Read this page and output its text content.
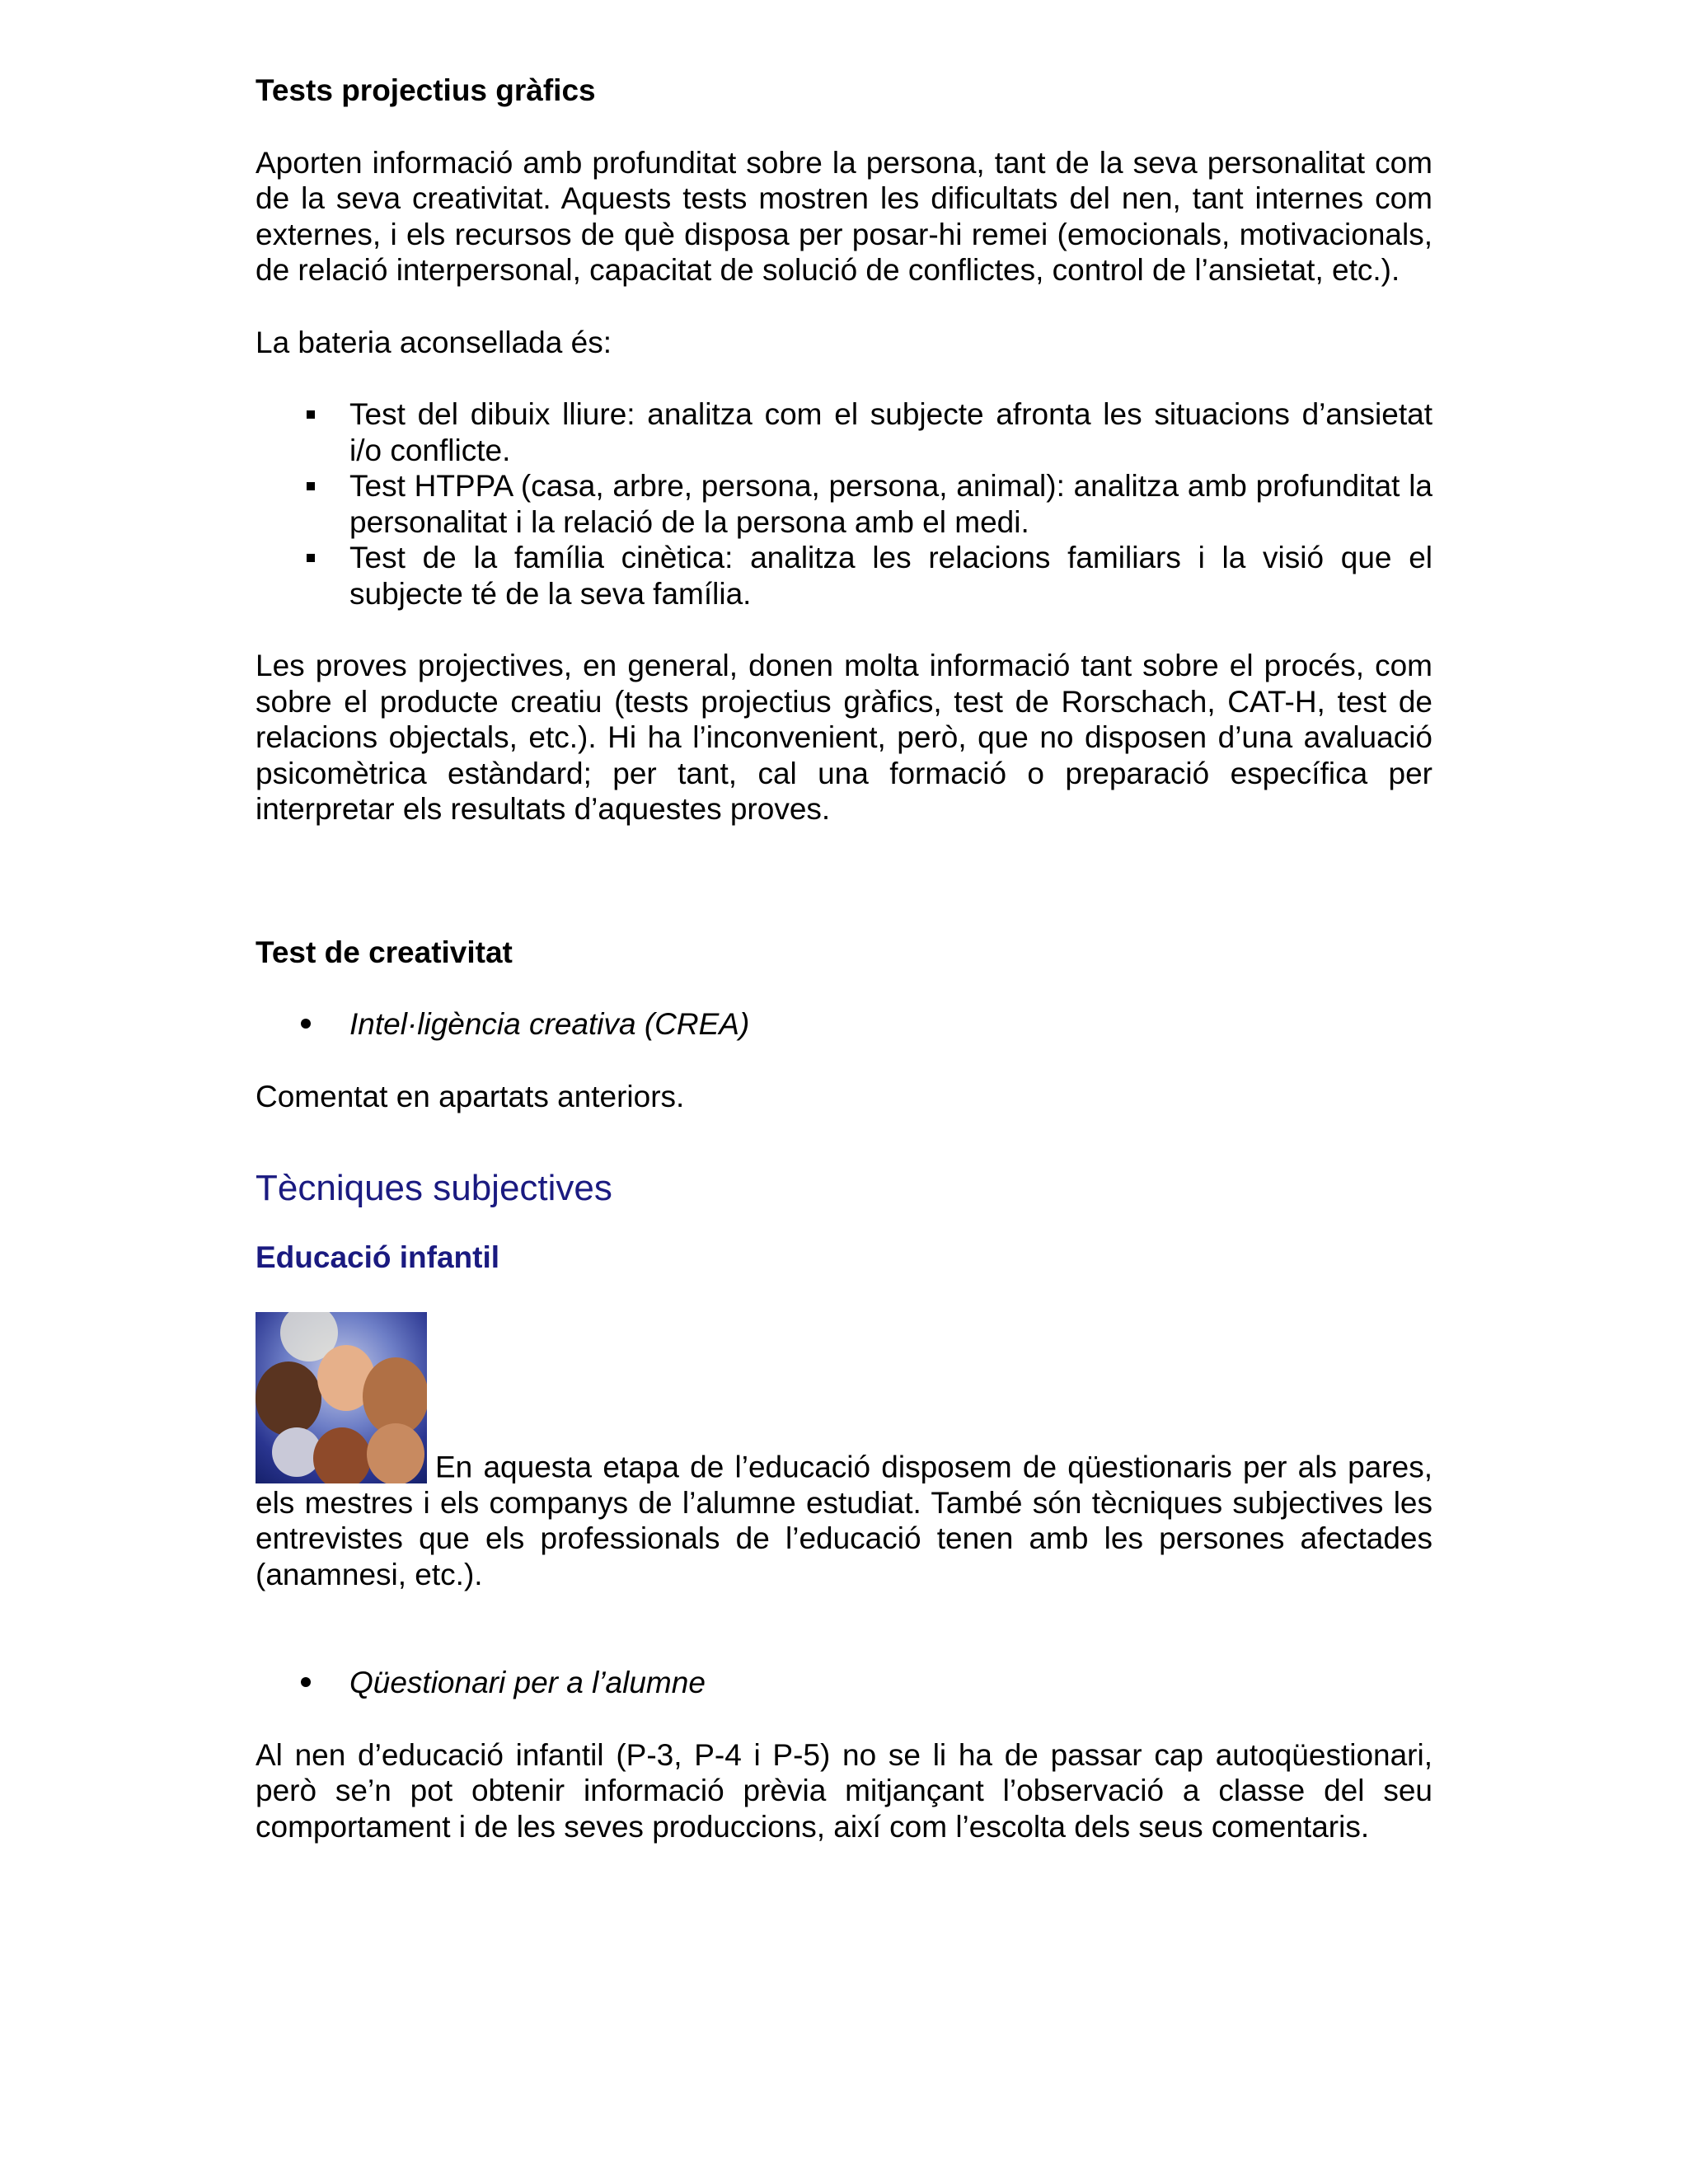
Tests projectius gràfics

Aporten informació amb profunditat sobre la persona, tant de la seva personalitat com de la seva creativitat. Aquests tests mostren les dificultats del nen, tant internes com externes, i els recursos de què disposa per posar-hi remei (emocionals, motivacionals, de relació interpersonal, capacitat de solució de conflictes, control de l’ansietat, etc.).

La bateria aconsellada és:

Test del dibuix lliure: analitza com el subjecte afronta les situacions d’ansietat i/o conflicte.
Test HTPPA (casa, arbre, persona, persona, animal): analitza amb profunditat la personalitat i la relació de la persona amb el medi.
Test de la família cinètica: analitza les relacions familiars i la visió que el subjecte té de la seva família.

Les proves projectives, en general, donen molta informació tant sobre el procés, com sobre el producte creatiu (tests projectius gràfics, test de Rorschach, CAT-H, test de relacions objectals, etc.). Hi ha l’inconvenient, però, que no disposen d’una avaluació psicomètrica estàndard; per tant, cal una formació o preparació específica per interpretar els resultats d’aquestes proves.

Test de creativitat

Intel·ligència creativa (CREA)

Comentat en apartats anteriors.

Tècniques subjectives

Educació infantil

En aquesta etapa de l’educació disposem de qüestionaris per als pares, els mestres i els companys de l’alumne estudiat. També són tècniques subjectives les entrevistes que els professionals de l’educació tenen amb les persones afectades (anamnesi, etc.).

Qüestionari per a l’alumne

Al nen d’educació infantil (P-3, P-4 i P-5) no se li ha de passar cap autoqüestionari, però se’n pot obtenir informació prèvia mitjançant l’observació a classe del seu comportament i de les seves produccions, així com l’escolta dels seus comentaris.
